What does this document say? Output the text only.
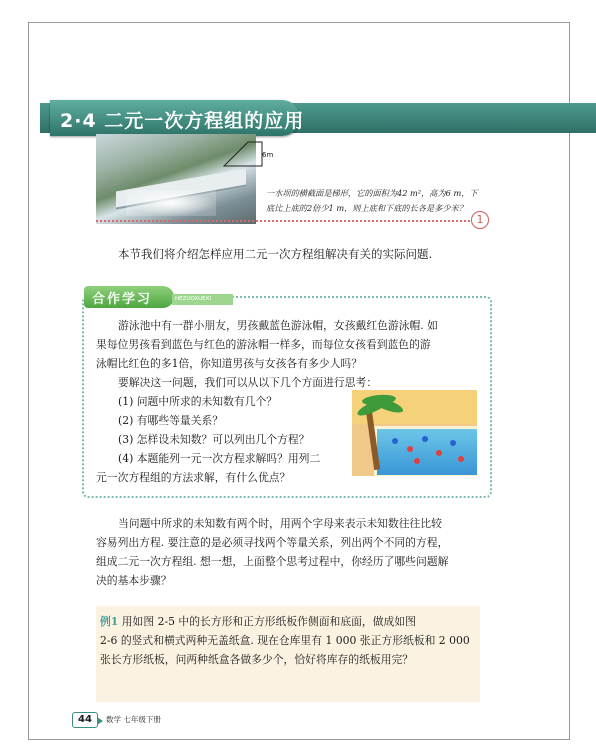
2·4 二元一次方程组的应用
6m
一水坝的横截面是梯形，它的面积为42 m²，高为6 m，下
底比上底的2倍少1 m，则上底和下底的长各是多少米？
1
本节我们将介绍怎样应用二元一次方程组解决有关的实际问题.
合作学习	HEZUOXUEXI
游泳池中有一群小朋友，男孩戴蓝色游泳帽，女孩戴红色游泳帽. 如
果每位男孩看到蓝色与红色的游泳帽一样多，而每位女孩看到蓝色的游
泳帽比红色的多1倍，你知道男孩与女孩各有多少人吗？
要解决这一问题，我们可以从以下几个方面进行思考：
(1) 问题中所求的未知数有几个？
(2) 有哪些等量关系？
(3) 怎样设未知数？可以列出几个方程？
(4) 本题能列一元一次方程求解吗？用列二
元一次方程组的方法求解，有什么优点？
当问题中所求的未知数有两个时，用两个字母来表示未知数往往比较
容易列出方程. 要注意的是必须寻找两个等量关系，列出两个不同的方程，
组成二元一次方程组. 想一想，上面整个思考过程中，你经历了哪些问题解
决的基本步骤？
例1 用如图 2-5 中的长方形和正方形纸板作侧面和底面，做成如图
2-6 的竖式和横式两种无盖纸盒. 现在仓库里有 1 000 张正方形纸板和 2 000
张长方形纸板，问两种纸盒各做多少个，恰好将库存的纸板用完？
44	数学 七年级下册
